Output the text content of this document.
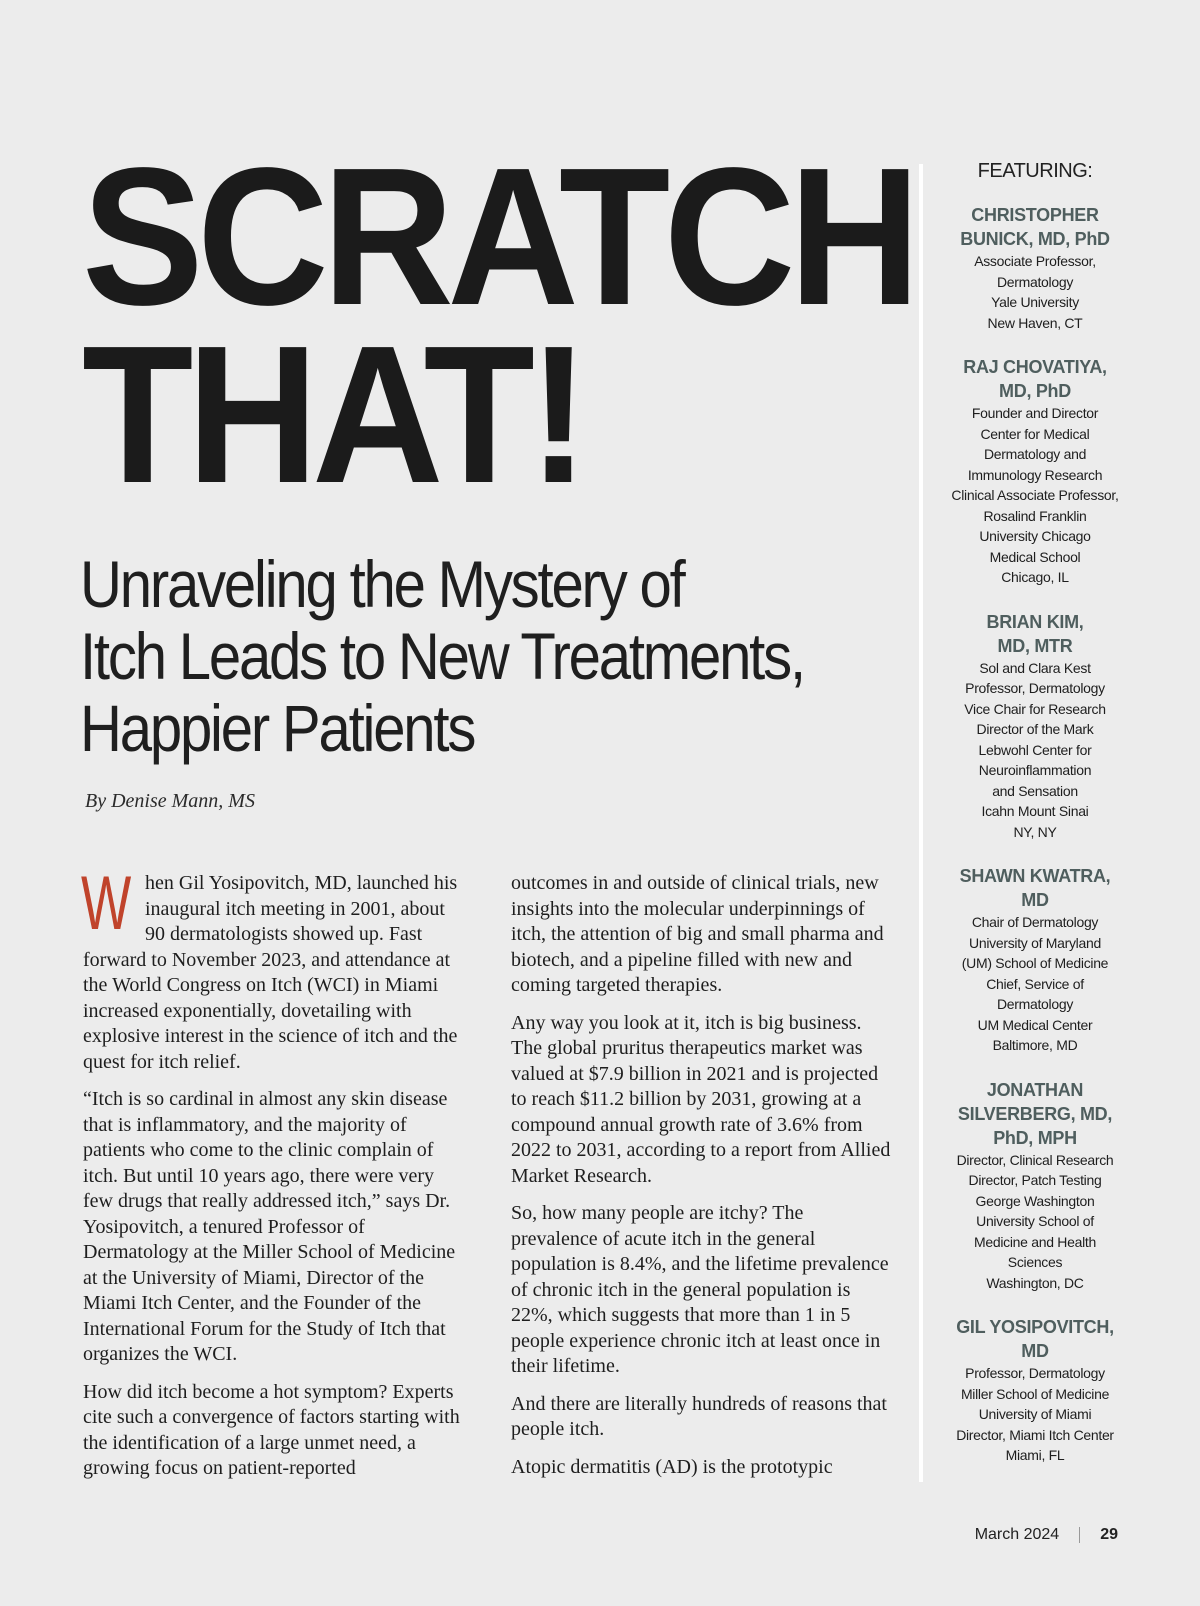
SCRATCH
THAT!
Unraveling the Mystery of
Itch Leads to New Treatments,
Happier Patients
By Denise Mann, MS

W hen Gil Yosipovitch, MD, launched his inaugural itch meeting in 2001, about 90 dermatologists showed up. Fast forward to November 2023, and attendance at the World Congress on Itch (WCI) in Miami increased exponentially, dovetailing with explosive interest in the science of itch and the quest for itch relief.

“Itch is so cardinal in almost any skin disease that is inflammatory, and the majority of patients who come to the clinic complain of itch. But until 10 years ago, there were very few drugs that really addressed itch,” says Dr. Yosipovitch, a tenured Professor of Dermatology at the Miller School of Medicine at the University of Miami, Director of the Miami Itch Center, and the Founder of the International Forum for the Study of Itch that organizes the WCI.

How did itch become a hot symptom? Experts cite such a convergence of factors starting with the identification of a large unmet need, a growing focus on patient-reported

outcomes in and outside of clinical trials, new insights into the molecular underpinnings of itch, the attention of big and small pharma and biotech, and a pipeline filled with new and coming targeted therapies.

Any way you look at it, itch is big business. The global pruritus therapeutics market was valued at $7.9 billion in 2021 and is projected to reach $11.2 billion by 2031, growing at a compound annual growth rate of 3.6% from 2022 to 2031, according to a report from Allied Market Research.

So, how many people are itchy? The prevalence of acute itch in the general population is 8.4%, and the lifetime prevalence of chronic itch in the general population is 22%, which suggests that more than 1 in 5 people experience chronic itch at least once in their lifetime.

And there are literally hundreds of reasons that people itch.

Atopic dermatitis (AD) is the prototypic

FEATURING:
CHRISTOPHER
BUNICK, MD, PhD
Associate Professor,
Dermatology
Yale University
New Haven, CT
RAJ CHOVATIYA,
MD, PhD
Founder and Director
Center for Medical
Dermatology and
Immunology Research
Clinical Associate Professor,
Rosalind Franklin
University Chicago
Medical School
Chicago, IL
BRIAN KIM,
MD, MTR
Sol and Clara Kest
Professor, Dermatology
Vice Chair for Research
Director of the Mark
Lebwohl Center for
Neuroinflammation
and Sensation
Icahn Mount Sinai
NY, NY
SHAWN KWATRA,
MD
Chair of Dermatology
University of Maryland
(UM) School of Medicine
Chief, Service of
Dermatology
UM Medical Center
Baltimore, MD
JONATHAN
SILVERBERG, MD,
PhD, MPH
Director, Clinical Research
Director, Patch Testing
George Washington
University School of
Medicine and Health
Sciences
Washington, DC
GIL YOSIPOVITCH,
MD
Professor, Dermatology
Miller School of Medicine
University of Miami
Director, Miami Itch Center
Miami, FL
March 2024	29
